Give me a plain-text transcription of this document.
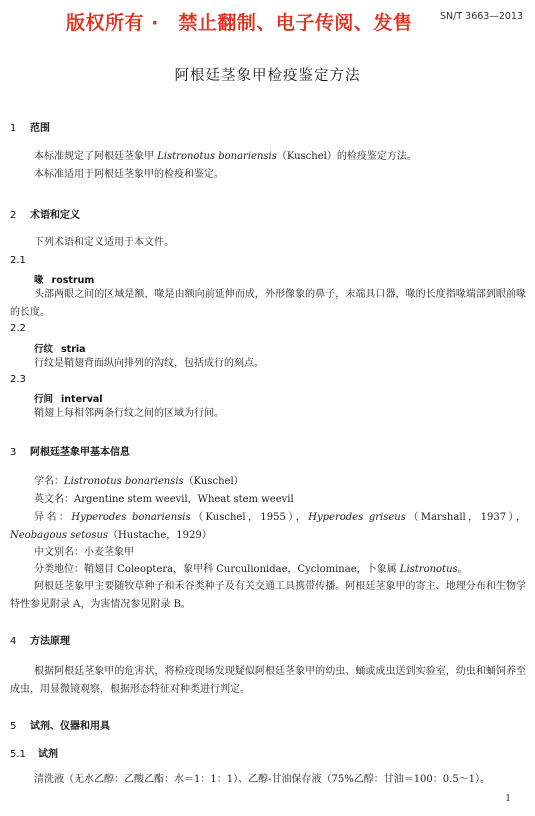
版权所有 ·　禁止翻制、电子传阅、发售	SN/T 3663—2013
阿根廷茎象甲检疫鉴定方法
1 范围
本标准规定了阿根廷茎象甲 Listronotus bonariensis（Kuschel）的检疫鉴定方法。
本标准适用于阿根廷茎象甲的检疫和鉴定。
2 术语和定义
下列术语和定义适用于本文件。
2.1
喙 rostrum
头部两眼之间的区域是额，喙是由额向前延伸而成，外形像象的鼻子，末端具口器，喙的长度指喙端部到眼前喙的长度。
2.2
行纹 stria
行纹是鞘翅背面纵向排列的沟纹，包括成行的刻点。
2.3
行间 interval
鞘翅上每相邻两条行纹之间的区域为行间。
3 阿根廷茎象甲基本信息
学名：Listronotus bonariensis（Kuschel）
英文名：Argentine stem weevil，Wheat stem weevil
异名：Hyperodes bonariensis（Kuschel，1955），Hyperodes griseus（Marshall，1937），Neobagous setosus（Hustache，1929）
中文别名：小麦茎象甲
分类地位：鞘翅目 Coleoptera，象甲科 Curculionidae，Cyclominae，卜象属 Listronotus。
阿根廷茎象甲主要随牧草种子和禾谷类种子及有关交通工具携带传播。阿根廷茎象甲的寄主、地理分布和生物学特性参见附录 A，为害情况参见附录 B。
4 方法原理
根据阿根廷茎象甲的危害状，将检疫现场发现疑似阿根廷茎象甲的幼虫、蛹或成虫送到实验室，幼虫和蛹饲养至成虫，用显微镜观察，根据形态特征对种类进行判定。
5 试剂、仪器和用具
5.1 试剂
清洗液（无水乙醇：乙酸乙酯：水＝1：1：1）、乙醇-甘油保存液（75%乙醇：甘油＝100：0.5～1）。
1
